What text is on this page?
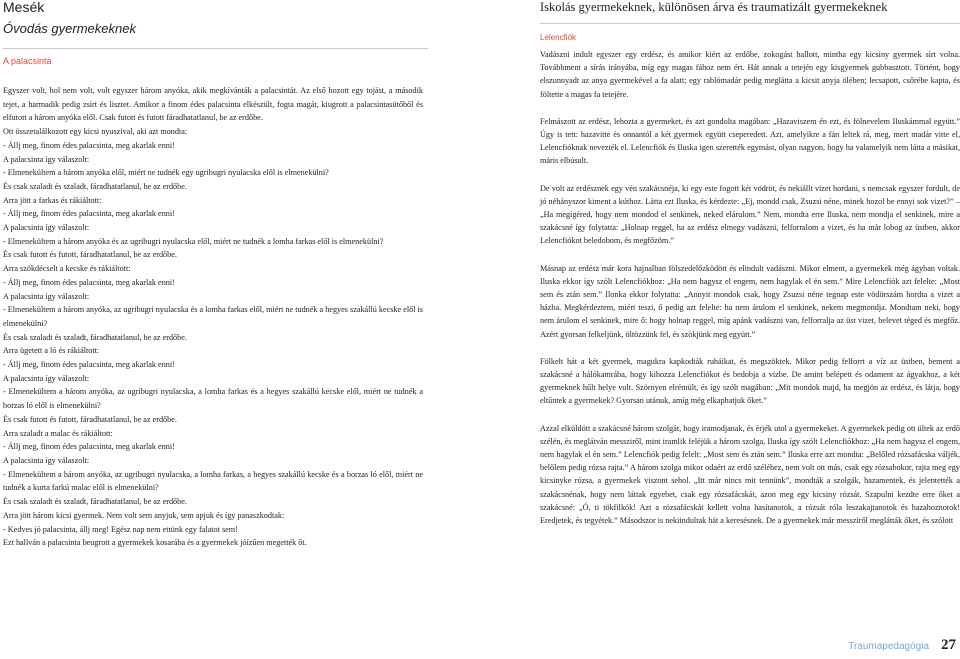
Mesék
Óvodás gyermekeknek
A palacsinta

Egyszer volt, hol nem volt, volt egyszer három anyóka, akik megkívánták a palacsintát. Az első hozott egy tojást, a második tejet, a harmadik pedig zsírt és lisztet. Amikor a finom édes palacsinta elkészült, fogta magát, kiugrott a palacsintasütőből és elfutott a három anyóka elől. Csak futott és futott fáradhatatlanul, be az erdőbe.

Ott összetalálkozott egy kicsi nyuszival, aki azt mondta:

- Állj meg, finom édes palacsinta, meg akarlak enni!

A palacsinta így válaszolt:

- Elmenekültem a három anyóka elől, miért ne tudnék egy ugribugri nyulacska elől is elmenekülni?

És csak szaladt és szaladt, fáradhatatlanul, be az erdőbe.

Arra jött a farkas és rákiáltott:

- Állj meg, finom édes palacsinta, meg akarlak enni!

A palacsinta így válaszolt:

- Elmenekültem a három anyóka és az ugribugri nyulacska elől, miért ne tudnék a lomha farkas elől is elmenekülni?

És csak futott és futott, fáradhatatlanul, be az erdőbe.

Arra szökdécselt a kecske és rákiáltott:

- Állj meg, finom édes palacsinta, meg akarlak enni!

A palacsinta így válaszolt:

- Elmenekültem a három anyóka, az ugribugri nyulacska és a lomha farkas elől, miért ne tudnék a hegyes szakállú kecske elől is elmenekülni?

És csak szaladt és szaladt, fáradhatatlanul, be az erdőbe.

Arra ügetett a ló és rákiáltott:

- Állj meg, finom édes palacsinta, meg akarlak enni!

A palacsinta így válaszolt:

- Elmenekültem a három anyóka, az ugribugri nyulacska, a lomha farkas és a hegyes szakállú kecske elől, miért ne tudnék a borzas ló elől is elmenekülni?

És csak futott és futott, fáradhatatlanul, be az erdőbe.

Arra szaladt a malac és rákiáltott:

- Állj meg, finom édes palacsinta, meg akarlak enni!

A palacsinta így válaszolt:

- Elmenekültem a három anyóka, az ugribugri nyulacska, a lomha farkas, a hegyes szakállú kecske és a borzas ló elől, miért ne tudnék a kurta farkú malac elől is elmenekülni?

És csak szaladt és szaladt, fáradhatatlanul, be az erdőbe.

Arra jött három kicsi gyermek. Nem volt sem anyjuk, sem apjuk és így panaszkodtak:

- Kedves jó palacsinta, állj meg! Egész nap nem ettünk egy falatot sem!

Ezt hallván a palacsinta beugrott a gyermekek kosarába és a gyermekek jóízűen megették őt.

Iskolás gyermekeknek, különösen árva és traumatizált gyermekeknek
Lelencfiók

Vadászni indult egyszer egy erdész, és amikor kiért az erdőbe, zokogást hallott, mintha egy kicsiny gyermek sírt volna. Továbbment a sírás irányába, míg egy magas fához nem ért. Hát annak a tetején egy kisgyermek gubbasztott. Történt, hogy elszunnyadt az anya gyermekével a fa alatt; egy rablómadár pedig meglátta a kicsit anyja ölében; lecsapott, csőrébe kapta, és föltette a magas fa tetejére.

Felmászott az erdész, lehozta a gyermeket, és azt gondolta magában: „Hazaviszem én ezt, és fölnevelem Iluskámmal együtt.” Úgy is tett: hazavitte és onnantól a két gyermek együtt cseperedett. Azt, amelyikre a fán leltek rá, meg, mert madár vitte el, Lelencfióknak nevezték el. Lelencfiók és Iluska igen szerették egymást, olyan nagyon, hogy ha valamelyik nem látta a másikat, máris elbúsult.

De volt az erdésznek egy vén szakácsnéja, ki egy este fogott két vödröt, és nekiállt vizet hordani, s nemcsak egyszer fordult, de jó néhányszor kiment a kúthoz. Látta ezt Iluska, és kérdezte: „Ej, mondd csak, Zsuzsi néne, minek hozol be ennyi sok vizet?” – „Ha megígéred, hogy nem mondod el senkinek, neked elárulom.” Nem, mondta erre Iluska, nem mondja el senkinek, mire a szakácsné így folytatta: „Holnap reggel, ha az erdész elmegy vadászni, felforralom a vizet, és ha már lobog az üstben, akkor Lelencfiókot beledobom, és megfőzöm.”

Másnap az erdész már kora hajnalban fölszedelőzködött és elindult vadászni. Mikor elment, a gyermekek még ágyban voltak. Iluska ekkor így szólt Lelencfiókhoz: „Ha nem hagysz el engem, nem hagylak el én sem.” Mire Lelencfiók azt felelte: „Most sem és ztán sem.” Ilonka ekkor folytatta: „Annyit mondok csak, hogy Zsuzsi néne tegnap este vödörszám hordta a vizet a házba. Megkérdeztem, miért teszi, ő pedig azt felelte: ha nem árulom el senkinek, nekem megmondja. Mondtam neki, hogy nem árulom el senkinek, mire ő: hogy holnap reggel, míg apánk vadászni van, felforralja az üst vizet, belevet téged és megfőz. Azért gyorsan felkeljünk, öltözzünk fel, és szökjünk meg együtt.”

Fölkelt hát a két gyermek, magukra kapkodták ruháikat, és megszöktek. Mikor pedig felforrt a víz az üstben, bement a szakácsné a hálókamrába, hogy kihozza Lelencfiókot és bedobja a vízbe. De amint belépett és odament az ágyakhoz, a két gyermeknek hűlt helye volt. Szörnyen elrémült, és így szólt magában: „Mit mondok majd, ha megjön az erdész, és látja, hogy eltűntek a gyermekek? Gyorsan utánuk, amíg még elkaphatjuk őket.”

Azzal elküldött a szakácsné három szolgát, hogy iramodjanak, és érjék utol a gyermekeket. A gyermekek pedig ott ültek az erdő szélén, és meglátván messziről, mint iramlik feléjük a három szolga, Iluska így szólt Lelencfiókhoz: „Ha nem hagysz el engem, nem hagylak el én sem.” Lelencfiók pedig felelt: „Most sem és ztán sem.” Iluska erre azt mondta: „Belőled rózsafácska váljék, belőlem pedig rózsa rajta.” A három szolga mikor odaért az erdő széléhez, nem volt ott más, csak egy rózsabokor, rajta meg egy kicsinyke rózsa, a gyermekek viszont sehol. „Itt már nincs mit tennünk”, mondták a szolgák, hazamentek, és jelentették a szakácsnénak, hogy nem láttak egyebet, csak egy rózsafácskát, azon meg egy kicsiny rózsát. Szapulni kezdte erre őket a szakácsné: „Ó, ti tökfilkók! Azt a rózsafácskát kellett volna hasítanotok, a rózsát róla leszakajtanotok és hazahoznotok! Eredjetek, és tegyétek.” Másodszor is nekiindultak hát a keresésnek. De a gyermekek már messziről meglátták őket, és szólott

Traumapedagógia 27
